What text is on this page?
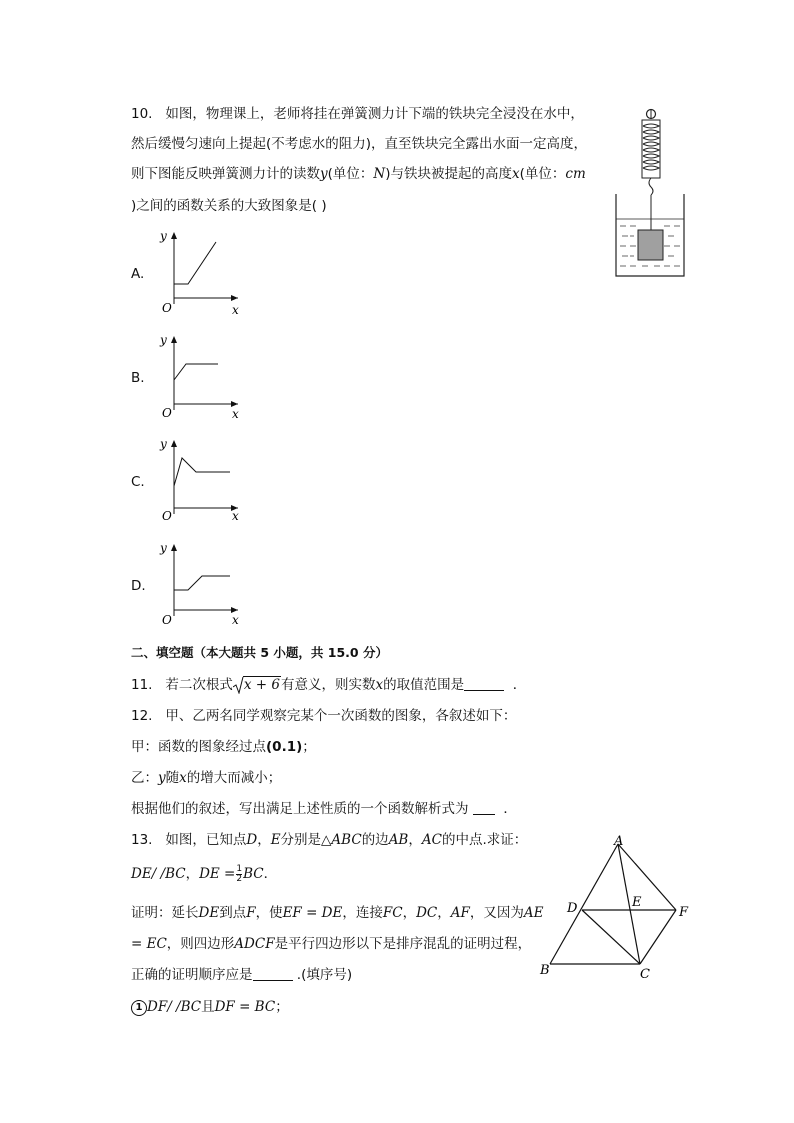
10. 如图，物理课上，老师将挂在弹簧测力计下端的铁块完全浸没在水中，
然后缓慢匀速向上提起(不考虑水的阻力)，直至铁块完全露出水面一定高度，
则下图能反映弹簧测力计的读数y(单位：N)与铁块被提起的高度x(单位：cm
)之间的函数关系的大致图象是( )
A.
y
O	x
B.
y
O	x
C.
y
O	x
D.
y
O	x
二、填空题（本大题共 5 小题，共 15.0 分）
11. 若二次根式 x + 6有意义，则实数x的取值范围是	．
12. 甲、乙两名同学观察完某个一次函数的图象，各叙述如下：
甲：函数的图象经过点(0.1)；
乙：y随x的增大而减小；
根据他们的叙述，写出满足上述性质的一个函数解析式为	．
13. 如图，已知点D，E分别是△ABC的边AB，AC的中点.求证：
DE/ /BC，DE = $\frac{1}{2}$ BC．
证明：延长DE到点F，使EF = DE，连接FC，DC，AF，又因为AE
= EC，则四边形ADCF是平行四边形以下是排序混乱的证明过程，
正确的证明顺序应是	.(填序号)
1 DF/ /BC且DF = BC；
A
B	C
D	E
F
